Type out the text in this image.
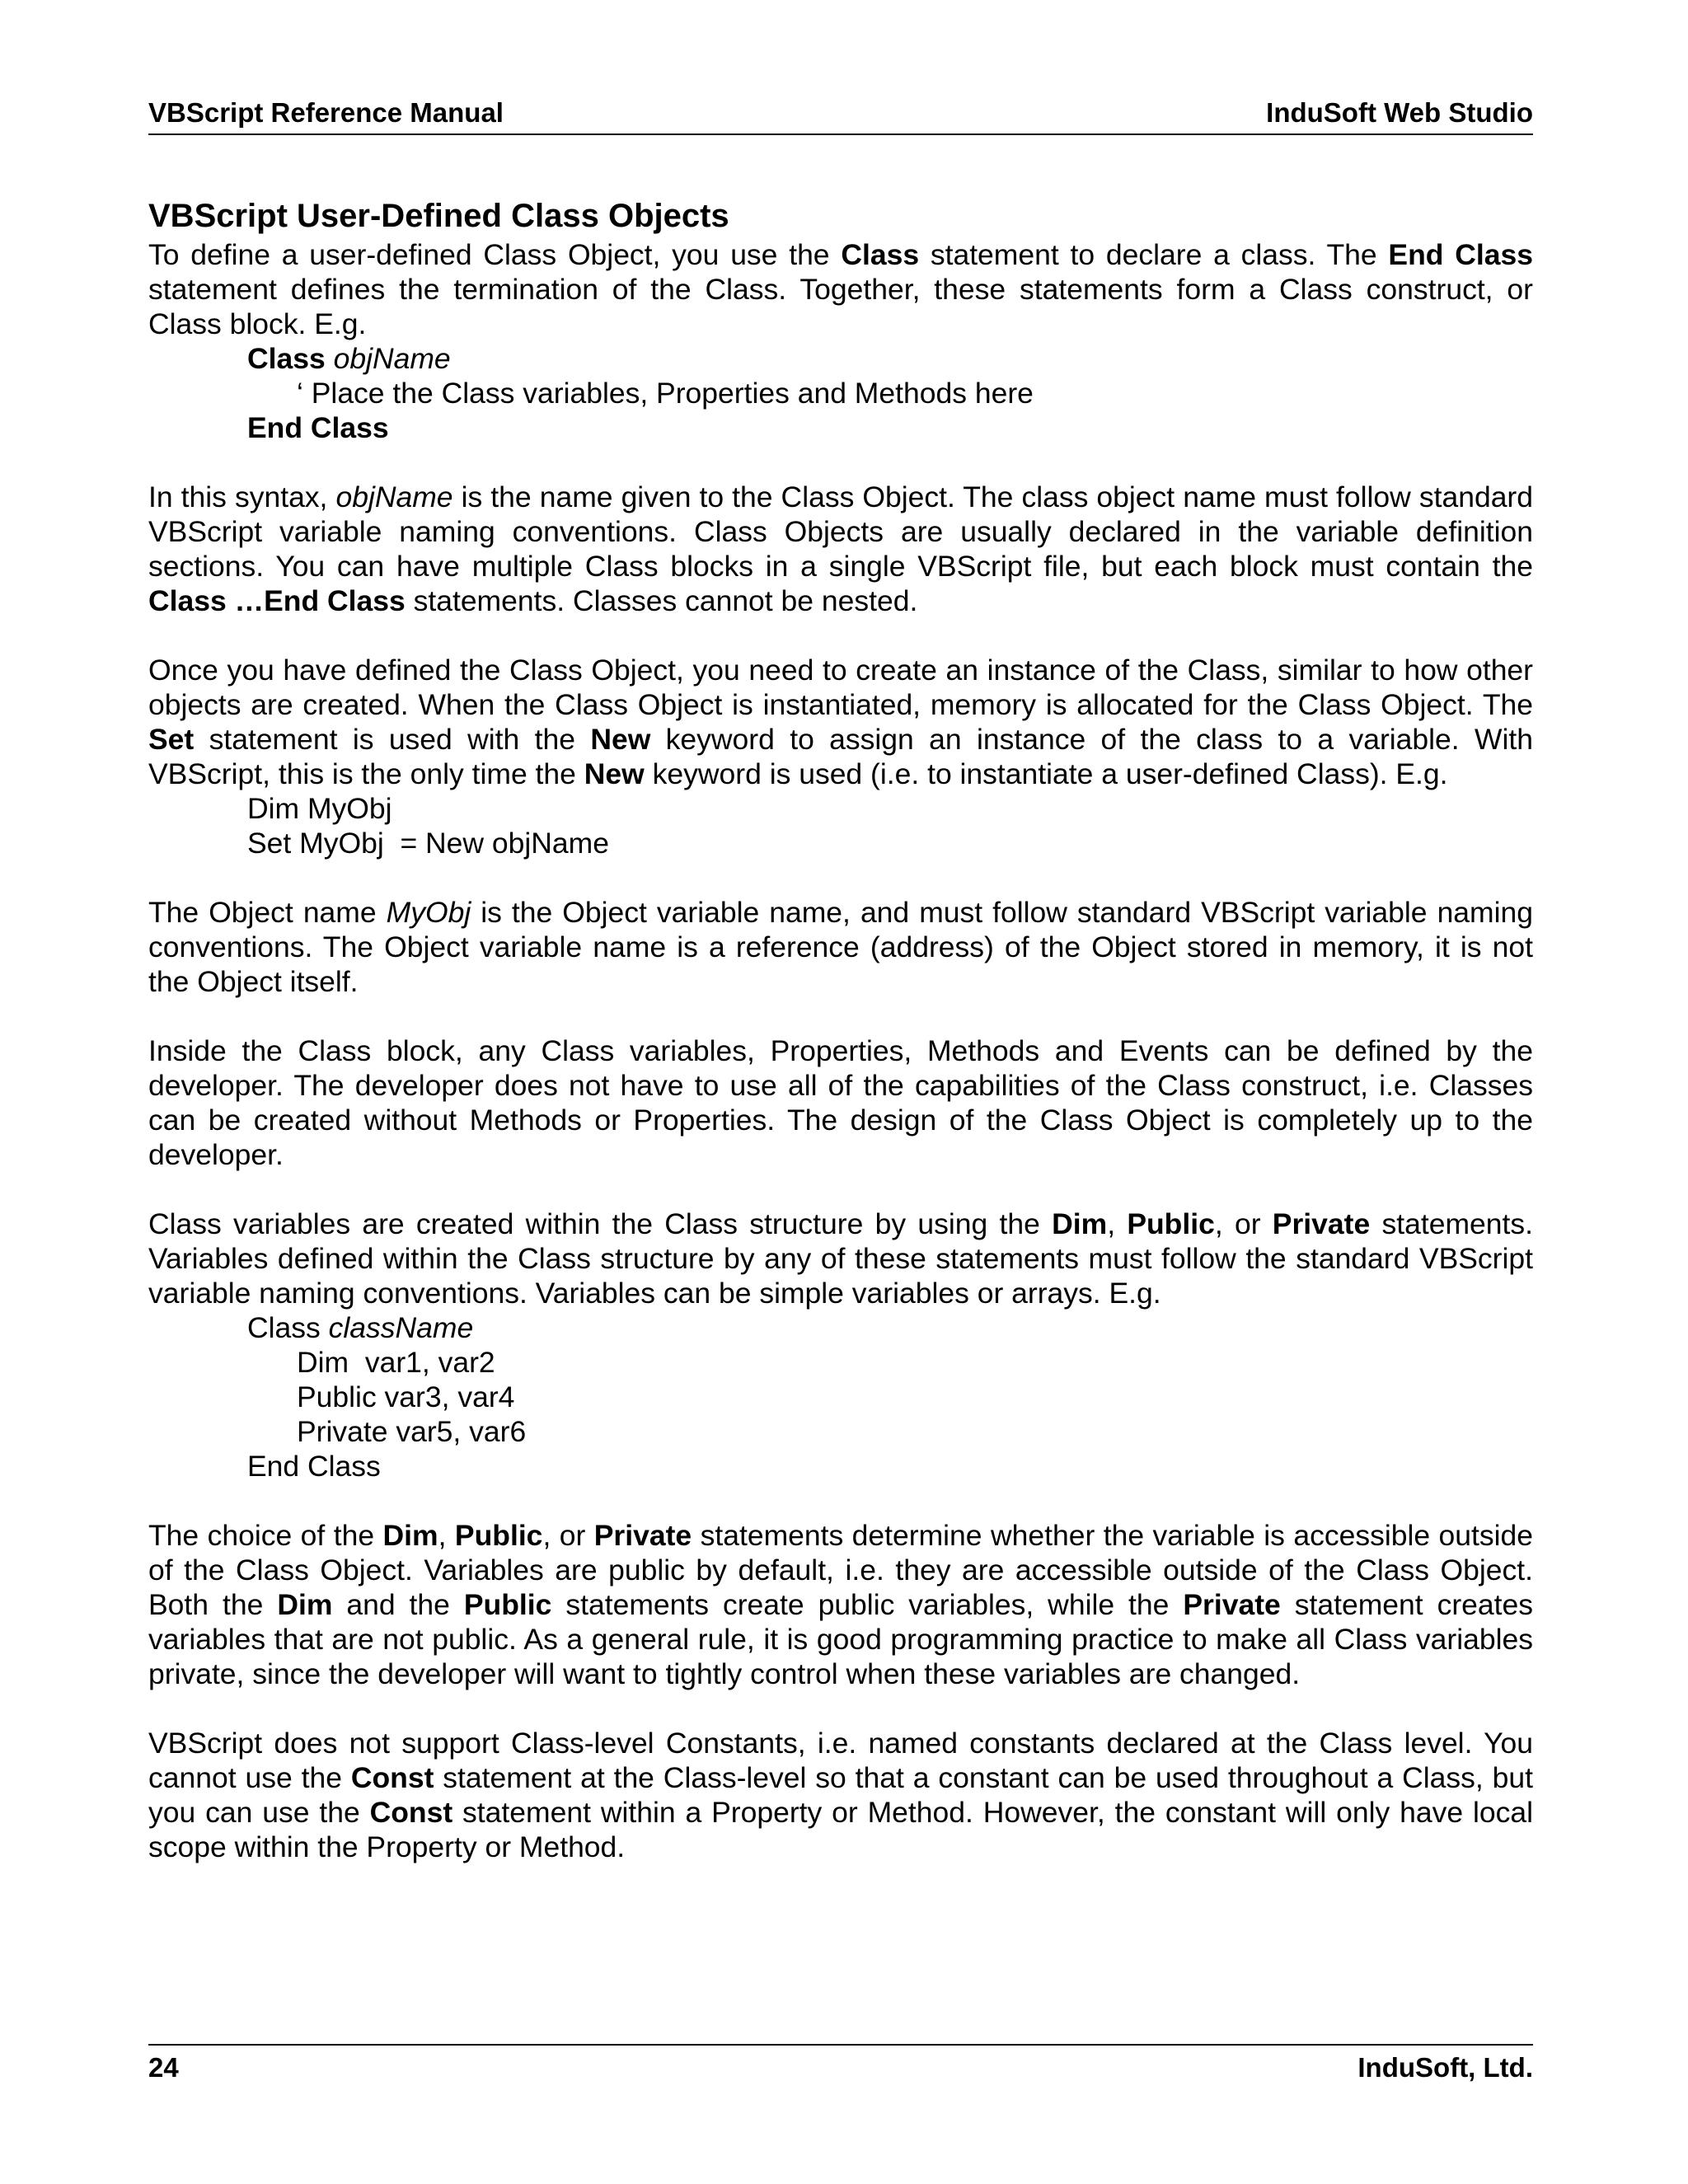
VBScript Reference Manual	InduSoft Web Studio
VBScript User-Defined Class Objects

To define a user-defined Class Object, you use the Class statement to declare a class. The End Class statement defines the termination of the Class. Together, these statements form a Class construct, or Class block. E.g.

Class objName
‘ Place the Class variables, Properties and Methods here
End Class

In this syntax, objName is the name given to the Class Object. The class object name must follow standard VBScript variable naming conventions. Class Objects are usually declared in the variable definition sections. You can have multiple Class blocks in a single VBScript file, but each block must contain the Class …End Class statements. Classes cannot be nested.

Once you have defined the Class Object, you need to create an instance of the Class, similar to how other objects are created. When the Class Object is instantiated, memory is allocated for the Class Object. The Set statement is used with the New keyword to assign an instance of the class to a variable. With VBScript, this is the only time the New keyword is used (i.e. to instantiate a user-defined Class). E.g.

Dim MyObj
Set MyObj  = New objName

The Object name MyObj is the Object variable name, and must follow standard VBScript variable naming conventions. The Object variable name is a reference (address) of the Object stored in memory, it is not the Object itself.

Inside the Class block, any Class variables, Properties, Methods and Events can be defined by the developer. The developer does not have to use all of the capabilities of the Class construct, i.e. Classes can be created without Methods or Properties. The design of the Class Object is completely up to the developer.

Class variables are created within the Class structure by using the Dim, Public, or Private statements. Variables defined within the Class structure by any of these statements must follow the standard VBScript variable naming conventions. Variables can be simple variables or arrays. E.g.

Class className
Dim  var1, var2
Public var3, var4
Private var5, var6
End Class

The choice of the Dim, Public, or Private statements determine whether the variable is accessible outside of the Class Object. Variables are public by default, i.e. they are accessible outside of the Class Object. Both the Dim and the Public statements create public variables, while the Private statement creates variables that are not public. As a general rule, it is good programming practice to make all Class variables private, since the developer will want to tightly control when these variables are changed.

VBScript does not support Class-level Constants, i.e. named constants declared at the Class level. You cannot use the Const statement at the Class-level so that a constant can be used throughout a Class, but you can use the Const statement within a Property or Method. However, the constant will only have local scope within the Property or Method.

24	InduSoft, Ltd.
